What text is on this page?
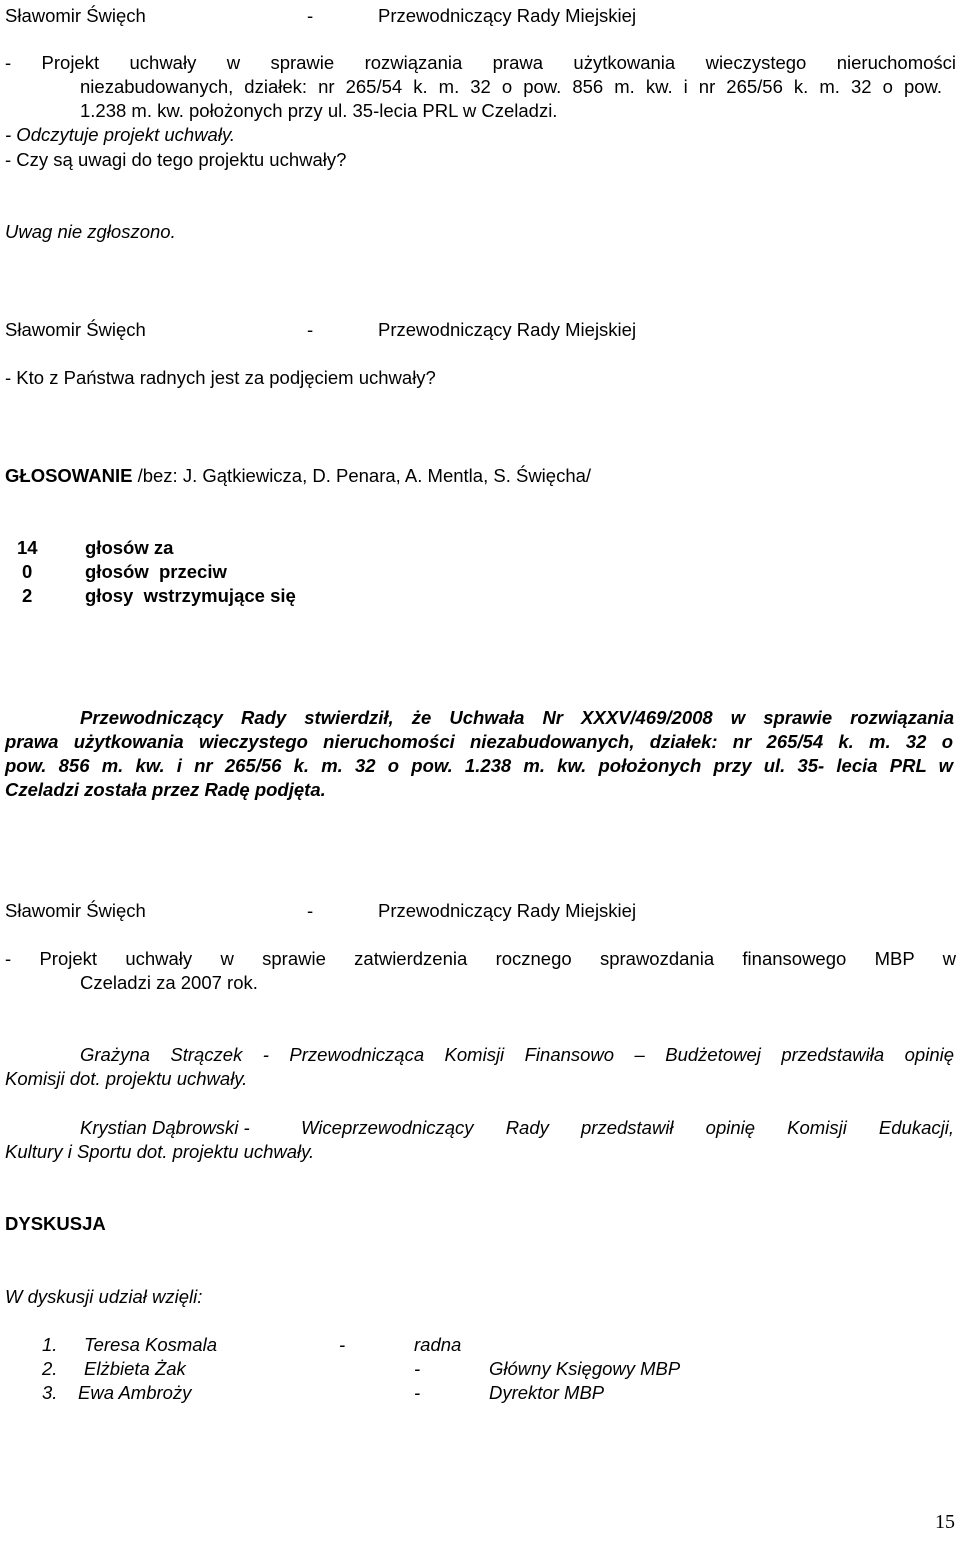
Sławomir Święch	-	Przewodniczący Rady Miejskiej
- Projekt uchwały w sprawie rozwiązania prawa użytkowania wieczystego nieruchomości
niezabudowanych, działek: nr 265/54 k. m. 32 o pow. 856 m. kw. i nr 265/56 k. m. 32 o pow.
1.238 m. kw. położonych przy ul. 35-lecia PRL w Czeladzi.
- Odczytuje projekt uchwały.
- Czy są uwagi do tego projektu uchwały?
Uwag nie zgłoszono.
Sławomir Święch	-	Przewodniczący Rady Miejskiej
- Kto z Państwa radnych jest za podjęciem uchwały?
GŁOSOWANIE /bez: J. Gątkiewicza, D. Penara, A. Mentla, S. Święcha/
14	głosów za
0	głosów  przeciw
2	głosy  wstrzymujące się
Przewodniczący Rady stwierdził, że Uchwała Nr XXXV/469/2008 w sprawie rozwiązania
prawa użytkowania wieczystego nieruchomości niezabudowanych, działek: nr 265/54 k. m. 32 o
pow. 856 m. kw. i nr 265/56 k. m. 32 o pow. 1.238 m. kw. położonych przy ul. 35- lecia PRL w
Czeladzi została przez Radę podjęta.
Sławomir Święch	-	Przewodniczący Rady Miejskiej
- Projekt uchwały w sprawie zatwierdzenia rocznego sprawozdania finansowego MBP w
Czeladzi za 2007 rok.
Grażyna Strączek - Przewodnicząca Komisji Finansowo – Budżetowej przedstawiła opinię
Komisji dot. projektu uchwały.
Krystian Dąbrowski -	Wiceprzewodniczący Rady przedstawił opinię Komisji Edukacji,
Kultury i Sportu dot. projektu uchwały.
DYSKUSJA
W dyskusji udział wzięli:
1. Teresa Kosmala	-	radna
2. Elżbieta Żak	-	Główny Księgowy MBP
3. Ewa Ambroży	-	Dyrektor MBP
15
